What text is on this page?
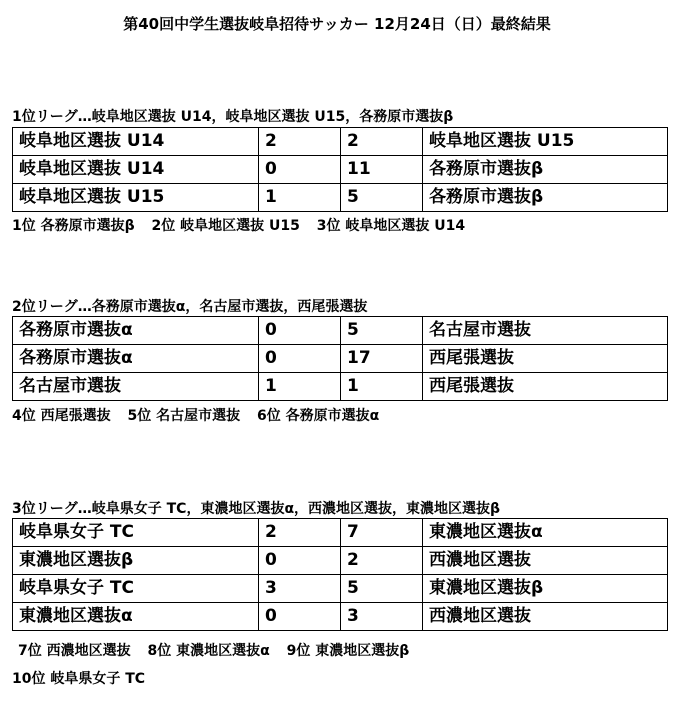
第40回中学生選抜岐阜招待サッカー 12月24日（日）最終結果
1位リーグ…岐阜地区選抜 U14，岐阜地区選抜 U15，各務原市選抜β
岐阜地区選抜 U14	2	2	岐阜地区選抜 U15
岐阜地区選抜 U14	0	11	各務原市選抜β
岐阜地区選抜 U15	1	5	各務原市選抜β
1位 各務原市選抜β 2位 岐阜地区選抜 U15 3位 岐阜地区選抜 U14
2位リーグ…各務原市選抜α，名古屋市選抜，西尾張選抜
各務原市選抜α	0	5	名古屋市選抜
各務原市選抜α	0	17	西尾張選抜
名古屋市選抜	1	1	西尾張選抜
4位 西尾張選抜 5位 名古屋市選抜 6位 各務原市選抜α
3位リーグ…岐阜県女子 TC，東濃地区選抜α，西濃地区選抜，東濃地区選抜β
岐阜県女子 TC	2	7	東濃地区選抜α
東濃地区選抜β	0	2	西濃地区選抜
岐阜県女子 TC	3	5	東濃地区選抜β
東濃地区選抜α	0	3	西濃地区選抜
7位 西濃地区選抜 8位 東濃地区選抜α 9位 東濃地区選抜β
10位 岐阜県女子 TC
